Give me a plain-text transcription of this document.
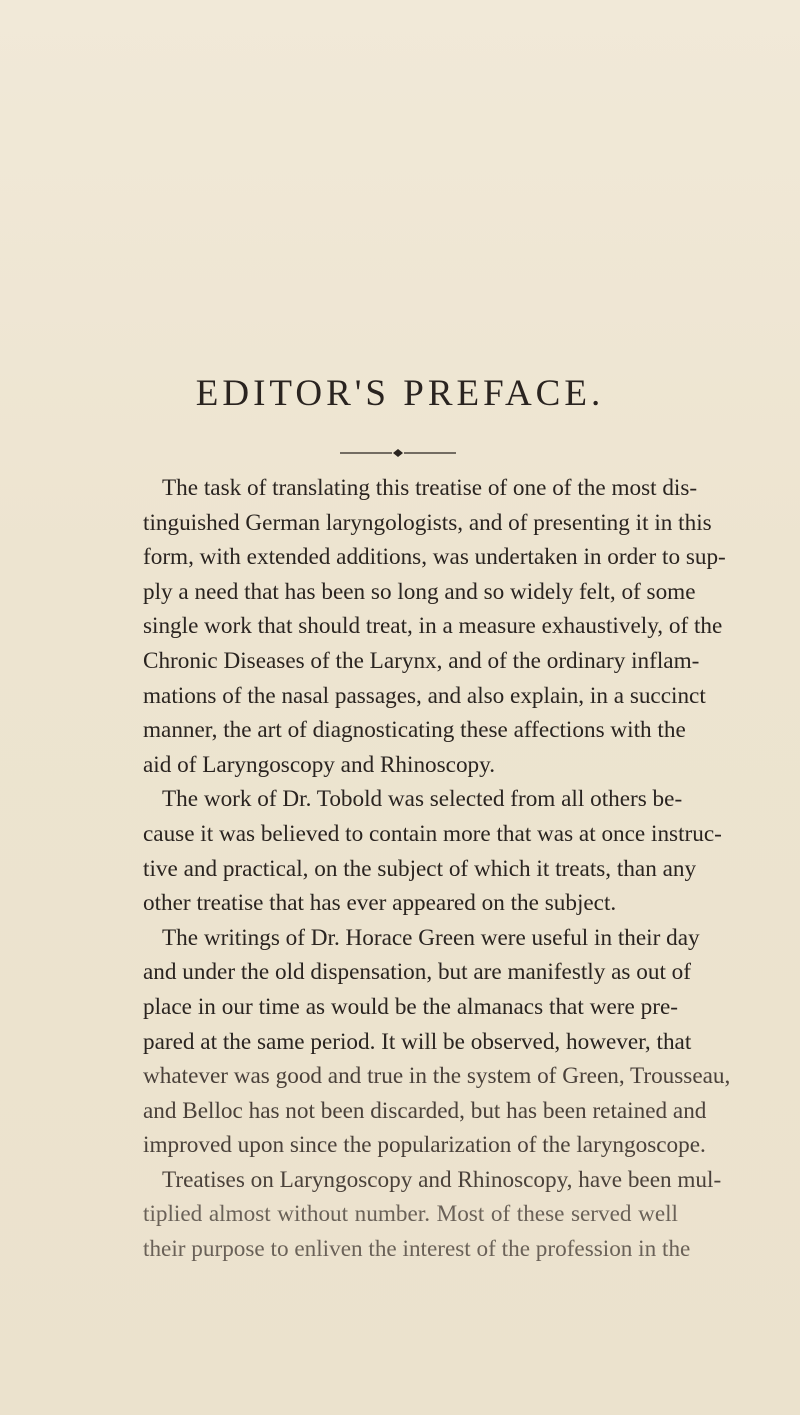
EDITOR'S PREFACE.
The task of translating this treatise of one of the most dis-
tinguished German laryngologists, and of presenting it in this
form, with extended additions, was undertaken in order to sup-
ply a need that has been so long and so widely felt, of some
single work that should treat, in a measure exhaustively, of the
Chronic Diseases of the Larynx, and of the ordinary inflam-
mations of the nasal passages, and also explain, in a succinct
manner, the art of diagnosticating these affections with the
aid of Laryngoscopy and Rhinoscopy.
The work of Dr. Tobold was selected from all others be-
cause it was believed to contain more that was at once instruc-
tive and practical, on the subject of which it treats, than any
other treatise that has ever appeared on the subject.
The writings of Dr. Horace Green were useful in their day
and under the old dispensation, but are manifestly as out of
place in our time as would be the almanacs that were pre-
pared at the same period. It will be observed, however, that
whatever was good and true in the system of Green, Trousseau,
and Belloc has not been discarded, but has been retained and
improved upon since the popularization of the laryngoscope.
Treatises on Laryngoscopy and Rhinoscopy, have been mul-
tiplied almost without number. Most of these served well
their purpose to enliven the interest of the profession in the
